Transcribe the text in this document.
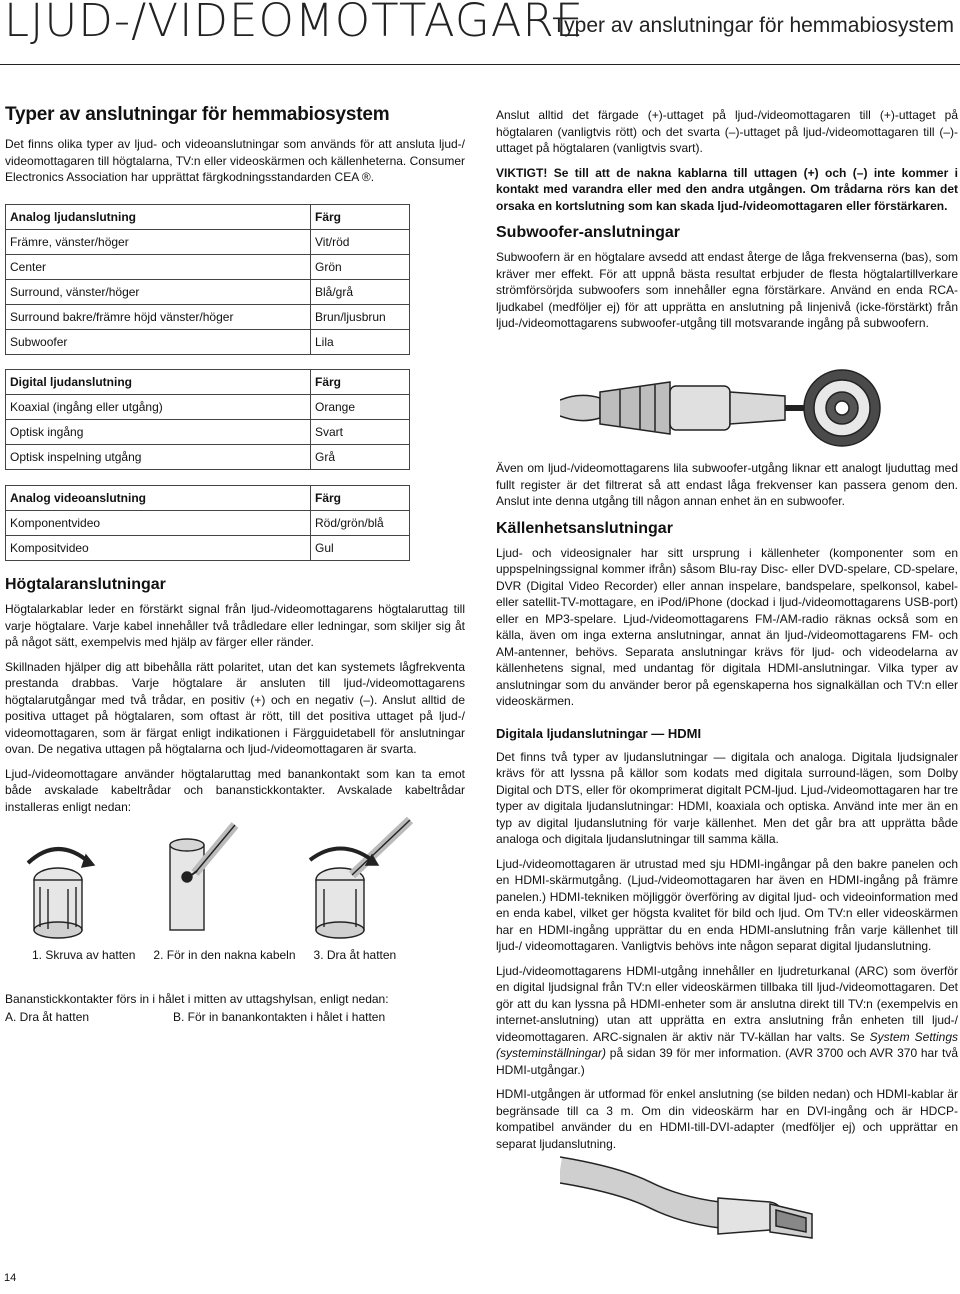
LJUD-/VIDEOMOTTAGARE
Typer av anslutningar för hemmabiosystem
Typer av anslutningar för hemmabiosystem

Det finns olika typer av ljud- och videoanslutningar som används för att ansluta ljud-/ videomottagaren till högtalarna, TV:n eller videoskärmen och källenheterna. Consumer Electronics Association har upprättat färgkodningsstandarden CEA ®.

Analog ljudanslutning	Färg
Främre, vänster/höger	Vit/röd
Center	Grön
Surround, vänster/höger	Blå/grå
Surround bakre/främre höjd vänster/höger	Brun/ljusbrun
Subwoofer	Lila
Digital ljudanslutning	Färg
Koaxial (ingång eller utgång)	Orange
Optisk ingång	Svart
Optisk inspelning utgång	Grå
Analog videoanslutning	Färg
Komponentvideo	Röd/grön/blå
Kompositvideo	Gul
Högtalaranslutningar

Högtalarkablar leder en förstärkt signal från ljud-/videomottagarens högtalaruttag till varje högtalare. Varje kabel innehåller två trådledare eller ledningar, som skiljer sig åt på något sätt, exempelvis med hjälp av färger eller ränder.

Skillnaden hjälper dig att bibehålla rätt polaritet, utan det kan systemets lågfrekventa prestanda drabbas. Varje högtalare är ansluten till ljud-/videomottagarens högtalarutgångar med två trådar, en positiv (+) och en negativ (–). Anslut alltid de positiva uttaget på högtalaren, som oftast är rött, till det positiva uttaget på ljud-/ videomottagaren, som är färgat enligt indikationen i Färgguidetabell för anslutningar ovan. De negativa uttagen på högtalarna och ljud-/videomottagaren är svarta.

Ljud-/videomottagare använder högtalaruttag med banankontakt som kan ta emot både avskalade kabeltrådar och bananstickkontakter. Avskalade kabeltrådar installeras enligt nedan:

1. Skruva av hatten 2. För in den nakna kabeln 3. Dra åt hatten
Bananstickkontakter förs in i hålet i mitten av uttagshylsan, enligt nedan:
A. Dra åt hatten	B. För in banankontakten i hålet i hatten

Anslut alltid det färgade (+)-uttaget på ljud-/videomottagaren till (+)-uttaget på högtalaren (vanligtvis rött) och det svarta (–)-uttaget på ljud-/videomottagaren till (–)-uttaget på högtalaren (vanligtvis svart).

VIKTIGT! Se till att de nakna kablarna till uttagen (+) och (–) inte kommer i kontakt med varandra eller med den andra utgången. Om trådarna rörs kan det orsaka en kortslutning som kan skada ljud-/videomottagaren eller förstärkaren.

Subwoofer-anslutningar

Subwoofern är en högtalare avsedd att endast återge de låga frekvenserna (bas), som kräver mer effekt. För att uppnå bästa resultat erbjuder de flesta högtalartillverkare strömförsörjda subwoofers som innehåller egna förstärkare. Använd en enda RCA-ljudkabel (medföljer ej) för att upprätta en anslutning på linjenivå (icke-förstärkt) från ljud-/videomottagarens subwoofer-utgång till motsvarande ingång på subwoofern.

Även om ljud-/videomottagarens lila subwoofer-utgång liknar ett analogt ljuduttag med fullt register är det filtrerat så att endast låga frekvenser kan passera genom den. Anslut inte denna utgång till någon annan enhet än en subwoofer.

Källenhetsanslutningar

Ljud- och videosignaler har sitt ursprung i källenheter (komponenter som en uppspelningssignal kommer ifrån) såsom Blu-ray Disc- eller DVD-spelare, CD-spelare, DVR (Digital Video Recorder) eller annan inspelare, bandspelare, spelkonsol, kabel- eller satellit-TV-mottagare, en iPod/iPhone (dockad i ljud-/videomottagarens USB-port) eller en MP3-spelare. Ljud-/videomottagarens FM-/AM-radio räknas också som en källa, även om inga externa anslutningar, annat än ljud-/videomottagarens FM- och AM-antenner, behövs. Separata anslutningar krävs för ljud- och videodelarna av källenhetens signal, med undantag för digitala HDMI-anslutningar. Vilka typer av anslutningar som du använder beror på egenskaperna hos signalkällan och TV:n eller videoskärmen.

Digitala ljudanslutningar — HDMI

Det finns två typer av ljudanslutningar — digitala och analoga. Digitala ljudsignaler krävs för att lyssna på källor som kodats med digitala surround-lägen, som Dolby Digital och DTS, eller för okomprimerat digitalt PCM-ljud. Ljud-/videomottagaren har tre typer av digitala ljudanslutningar: HDMI, koaxiala och optiska. Använd inte mer än en typ av digital ljudanslutning för varje källenhet. Men det går bra att upprätta både analoga och digitala ljudanslutningar till samma källa.

Ljud-/videomottagaren är utrustad med sju HDMI-ingångar på den bakre panelen och en HDMI-skärmutgång. (Ljud-/videomottagaren har även en HDMI-ingång på främre panelen.) HDMI-tekniken möjliggör överföring av digital ljud- och videoinformation med en enda kabel, vilket ger högsta kvalitet för bild och ljud. Om TV:n eller videoskärmen har en HDMI-ingång upprättar du en enda HDMI-anslutning från varje källenhet till ljud-/ videomottagaren. Vanligtvis behövs inte någon separat digital ljudanslutning.

Ljud-/videomottagarens HDMI-utgång innehåller en ljudreturkanal (ARC) som överför en digital ljudsignal från TV:n eller videoskärmen tillbaka till ljud-/videomottagaren. Det gör att du kan lyssna på HDMI-enheter som är anslutna direkt till TV:n (exempelvis en internet-anslutning) utan att upprätta en extra anslutning från enheten till ljud-/ videomottagaren. ARC-signalen är aktiv när TV-källan har valts. Se System Settings (systeminställningar) på sidan 39 för mer information. (AVR 3700 och AVR 370 har två HDMI-utgångar.)

HDMI-utgången är utformad för enkel anslutning (se bilden nedan) och HDMI-kablar är begränsade till ca 3 m. Om din videoskärm har en DVI-ingång och är HDCP-kompatibel använder du en HDMI-till-DVI-adapter (medföljer ej) och upprättar en separat ljudanslutning.

14
